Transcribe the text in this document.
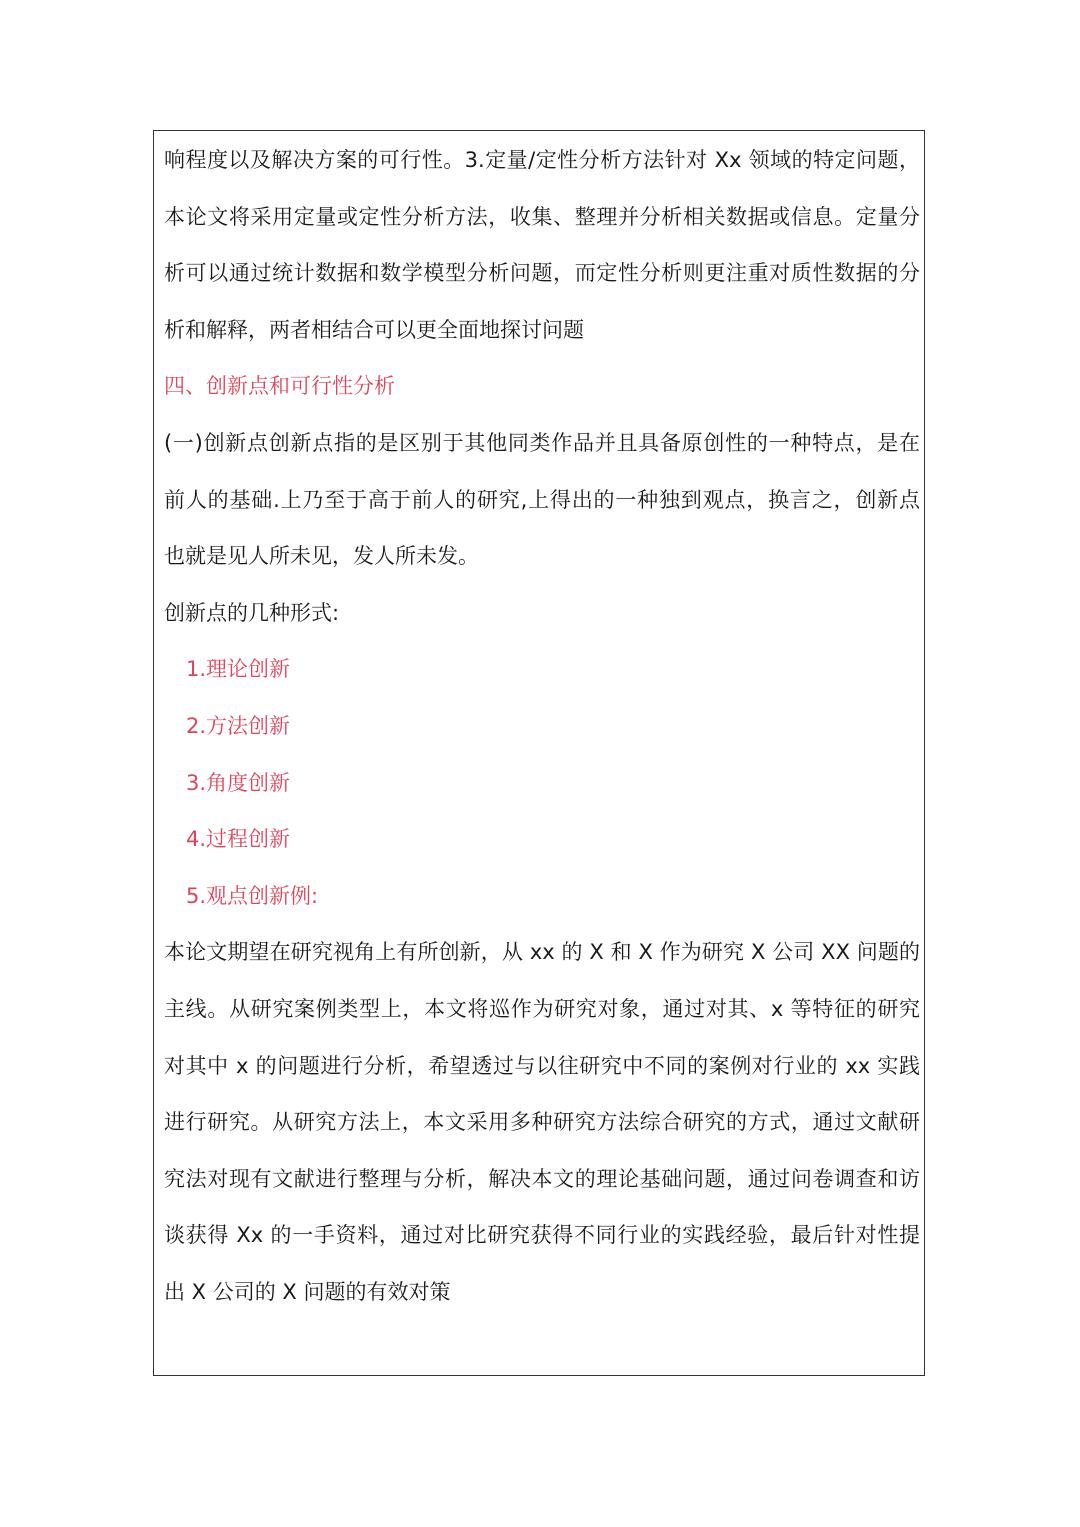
响程度以及解决方案的可行性。3.定量/定性分析方法针对 Xx 领域的特定问题，
本论文将采用定量或定性分析方法，收集、整理并分析相关数据或信息。定量分
析可以通过统计数据和数学模型分析问题，而定性分析则更注重对质性数据的分
析和解释，两者相结合可以更全面地探讨问题
四、创新点和可行性分析
(一)创新点创新点指的是区别于其他同类作品并且具备原创性的一种特点，是在
前人的基础.上乃至于高于前人的研究,上得出的一种独到观点，换言之，创新点
也就是见人所未见，发人所未发。
创新点的几种形式:
1.理论创新
2.方法创新
3.角度创新
4.过程创新
5.观点创新例:
本论文期望在研究视角上有所创新，从 xx 的 X 和 X 作为研究 X 公司 XX 问题的
主线。从研究案例类型上，本文将巡作为研究对象，通过对其、x 等特征的研究
对其中 x 的问题进行分析，希望透过与以往研究中不同的案例对行业的 xx 实践
进行研究。从研究方法上，本文采用多种研究方法综合研究的方式，通过文献研
究法对现有文献进行整理与分析，解决本文的理论基础问题，通过问卷调查和访
谈获得 Xx 的一手资料，通过对比研究获得不同行业的实践经验，最后针对性提
出 X 公司的 X 问题的有效对策
